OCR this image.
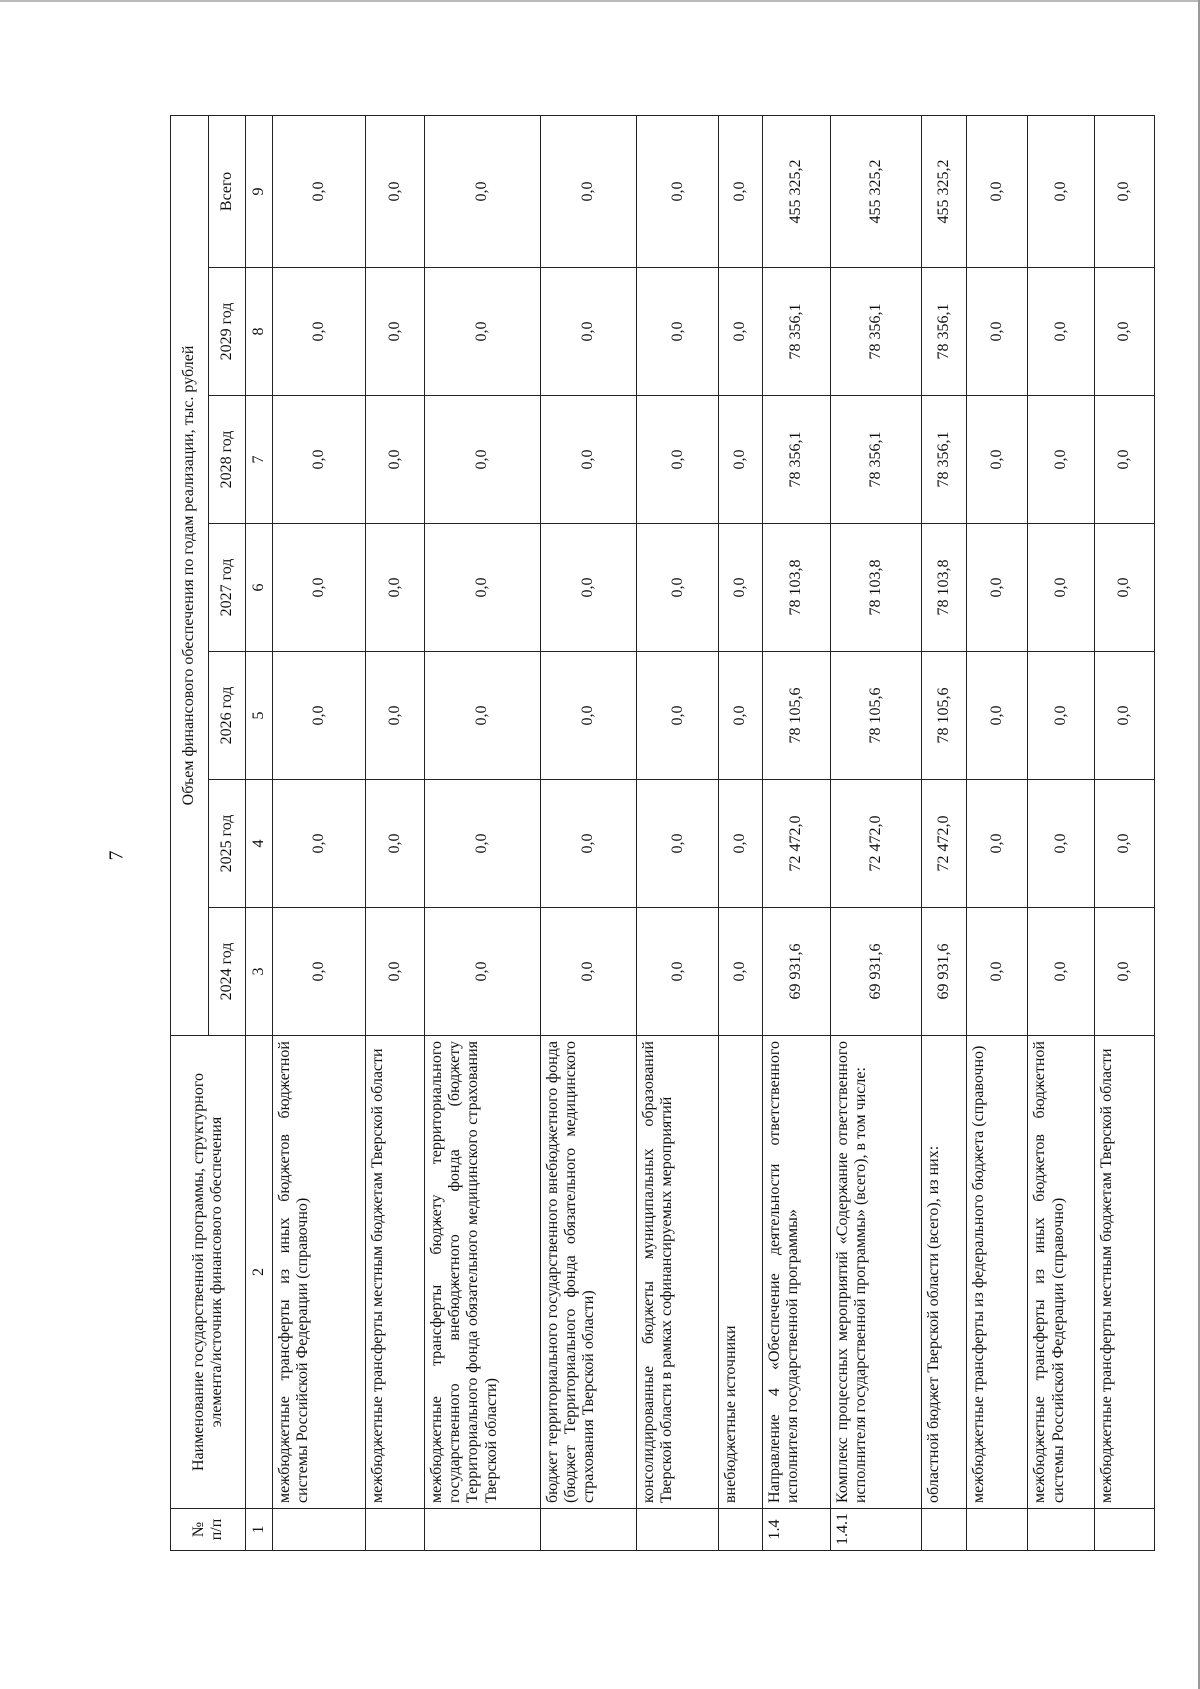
7
№ п/п	Наименование государственной программы, структурного элемента/источник финансового обеспечения	Объем финансового обеспечения по годам реализации, тыс. рублей						
		2024 год	2025 год	2026 год	2027 год	2028 год	2029 год	Всего
1	2	3	4	5	6	7	8	9
	межбюджетные трансферты из иных бюджетов бюджетной системы Российской Федерации (справочно)	0,0	0,0	0,0	0,0	0,0	0,0	0,0
	межбюджетные трансферты местным бюджетам Тверской области	0,0	0,0	0,0	0,0	0,0	0,0	0,0
	межбюджетные трансферты бюджету территориального государственного внебюджетного фонда (бюджету Территориального фонда обязательного медицинского страхования Тверской области)	0,0	0,0	0,0	0,0	0,0	0,0	0,0
	бюджет территориального государственного внебюджетного фонда (бюджет Территориального фонда обязательного медицинского страхования Тверской области)	0,0	0,0	0,0	0,0	0,0	0,0	0,0
	консолидированные бюджеты муниципальных образований Тверской области в рамках софинансируемых мероприятий	0,0	0,0	0,0	0,0	0,0	0,0	0,0
	внебюджетные источники	0,0	0,0	0,0	0,0	0,0	0,0	0,0
1.4	Направление 4 «Обеспечение деятельности ответственного исполнителя государственной программы»	69 931,6	72 472,0	78 105,6	78 103,8	78 356,1	78 356,1	455 325,2
1.4.1	Комплекс процессных мероприятий «Содержание ответственного исполнителя государственной программы» (всего), в том числе:	69 931,6	72 472,0	78 105,6	78 103,8	78 356,1	78 356,1	455 325,2
	областной бюджет Тверской области (всего), из них:	69 931,6	72 472,0	78 105,6	78 103,8	78 356,1	78 356,1	455 325,2
	межбюджетные трансферты из федерального бюджета (справочно)	0,0	0,0	0,0	0,0	0,0	0,0	0,0
	межбюджетные трансферты из иных бюджетов бюджетной системы Российской Федерации (справочно)	0,0	0,0	0,0	0,0	0,0	0,0	0,0
	межбюджетные трансферты местным бюджетам Тверской области	0,0	0,0	0,0	0,0	0,0	0,0	0,0
